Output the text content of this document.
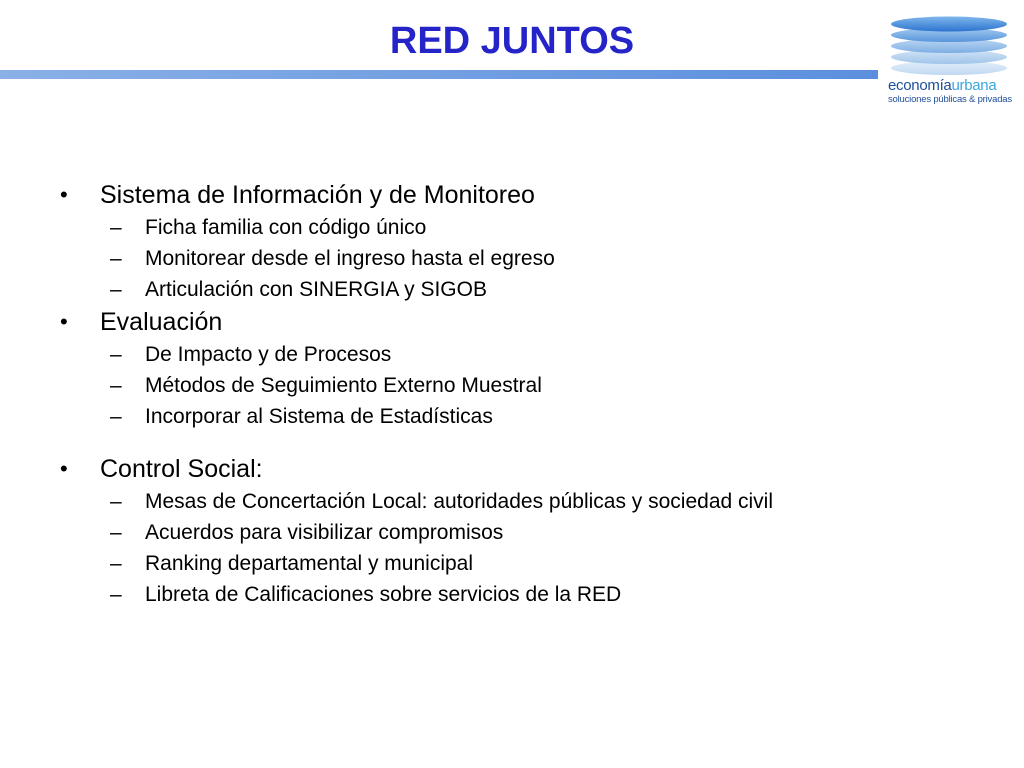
RED JUNTOS
economíaurbana
soluciones públicas & privadas
• Sistema de Información y de Monitoreo
– Ficha familia con código único
– Monitorear desde el ingreso hasta el egreso
– Articulación con SINERGIA y SIGOB
• Evaluación
– De Impacto y de Procesos
– Métodos de Seguimiento Externo Muestral
– Incorporar al Sistema de Estadísticas
• Control Social:
– Mesas de Concertación Local: autoridades públicas y sociedad civil
– Acuerdos para visibilizar compromisos
– Ranking departamental y municipal
– Libreta de Calificaciones sobre servicios de la RED
